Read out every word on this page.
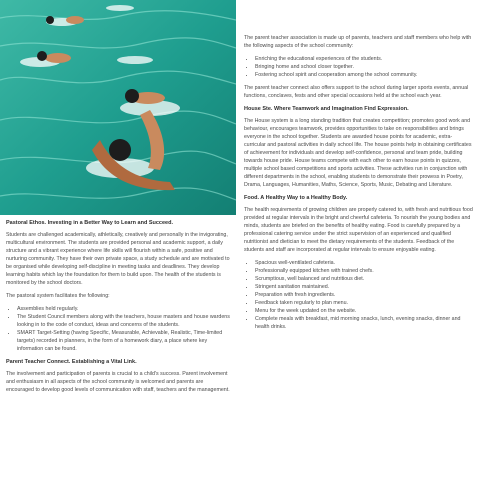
Pastoral Ethos. Investing in a Better Way to Learn and Succeed.

Students are challenged academically, athletically, creatively and personally in the invigorating, multicultural environment. The students are provided personal and academic support, a daily structure and a vibrant experience where life skills will flourish within a safe, positive and nurturing community. They have their own private space, a study schedule and are motivated to be organised while developing self-discipline in meeting tasks and deadlines. They develop learning habits which lay the foundation for them to build upon. The health of the students is monitored by the school doctors.

The pastoral system facilitates the following:

• Assemblies held regularly.
• The Student Council members along with the teachers, house masters and house wardens looking in to the code of conduct, ideas and concerns of the students.
• SMART Target-Setting (having Specific, Measurable, Achievable, Realistic, Time-limited targets) recorded in planners, in the form of a homework diary, a place where key information can be found.
Parent Teacher Connect. Establishing a Vital Link.

The involvement and participation of parents is crucial to a child's success. Parent involvement and enthusiasm in all aspects of the school community is welcomed and parents are encouraged to develop good levels of communication with staff, teachers and the management.

The parent teacher association is made up of parents, teachers and staff members who help with the following aspects of the school community:

• Enriching the educational experiences of the students.
• Bringing home and school closer together.
• Fostering school spirit and cooperation among the school community.

The parent teacher connect also offers support to the school during larger sports events, annual functions, conclaves, fests and other special occasions held at the school each year.

House Ste. Where Teamwork and Imagination Find Expression.

The House system is a long standing tradition that creates competition; promotes good work and behaviour, encourages teamwork, provides opportunities to take on responsibilities and brings everyone in the school together. Students are awarded house points for academic, extra-curricular and pastoral activities in daily school life. The house points help in obtaining certificates of achievement for individuals and develop self-confidence, personal and team pride, building towards house pride. House teams compete with each other to earn house points in quizzes, multiple school based competitions and sports activities. These activities run in conjunction with different departments in the school, enabling students to demonstrate their prowess in Poetry, Drama, Languages, Humanities, Maths, Science, Sports, Music, Debating and Literature.

Food. A Healthy Way to a Healthy Body.

The health requirements of growing children are properly catered to, with fresh and nutritious food provided at regular intervals in the bright and cheerful cafeteria. To nourish the young bodies and minds, students are briefed on the benefits of healthy eating. Food is carefully prepared by a professional catering service under the strict supervision of an experienced and qualified nutritionist and dietician to meet the dietary requirements of the students. Feedback of the students and staff are incorporated at regular intervals to ensure enjoyable eating.

• Spacious well-ventilated cafeteria.
• Professionally equipped kitchen with trained chefs.
• Scrumptious, well balanced and nutritious diet.
• Stringent sanitation maintained.
• Preparation with fresh ingredients.
• Feedback taken regularly to plan menu.
• Menu for the week updated on the website.
• Complete meals with breakfast, mid morning snacks, lunch, evening snacks, dinner and health drinks.
